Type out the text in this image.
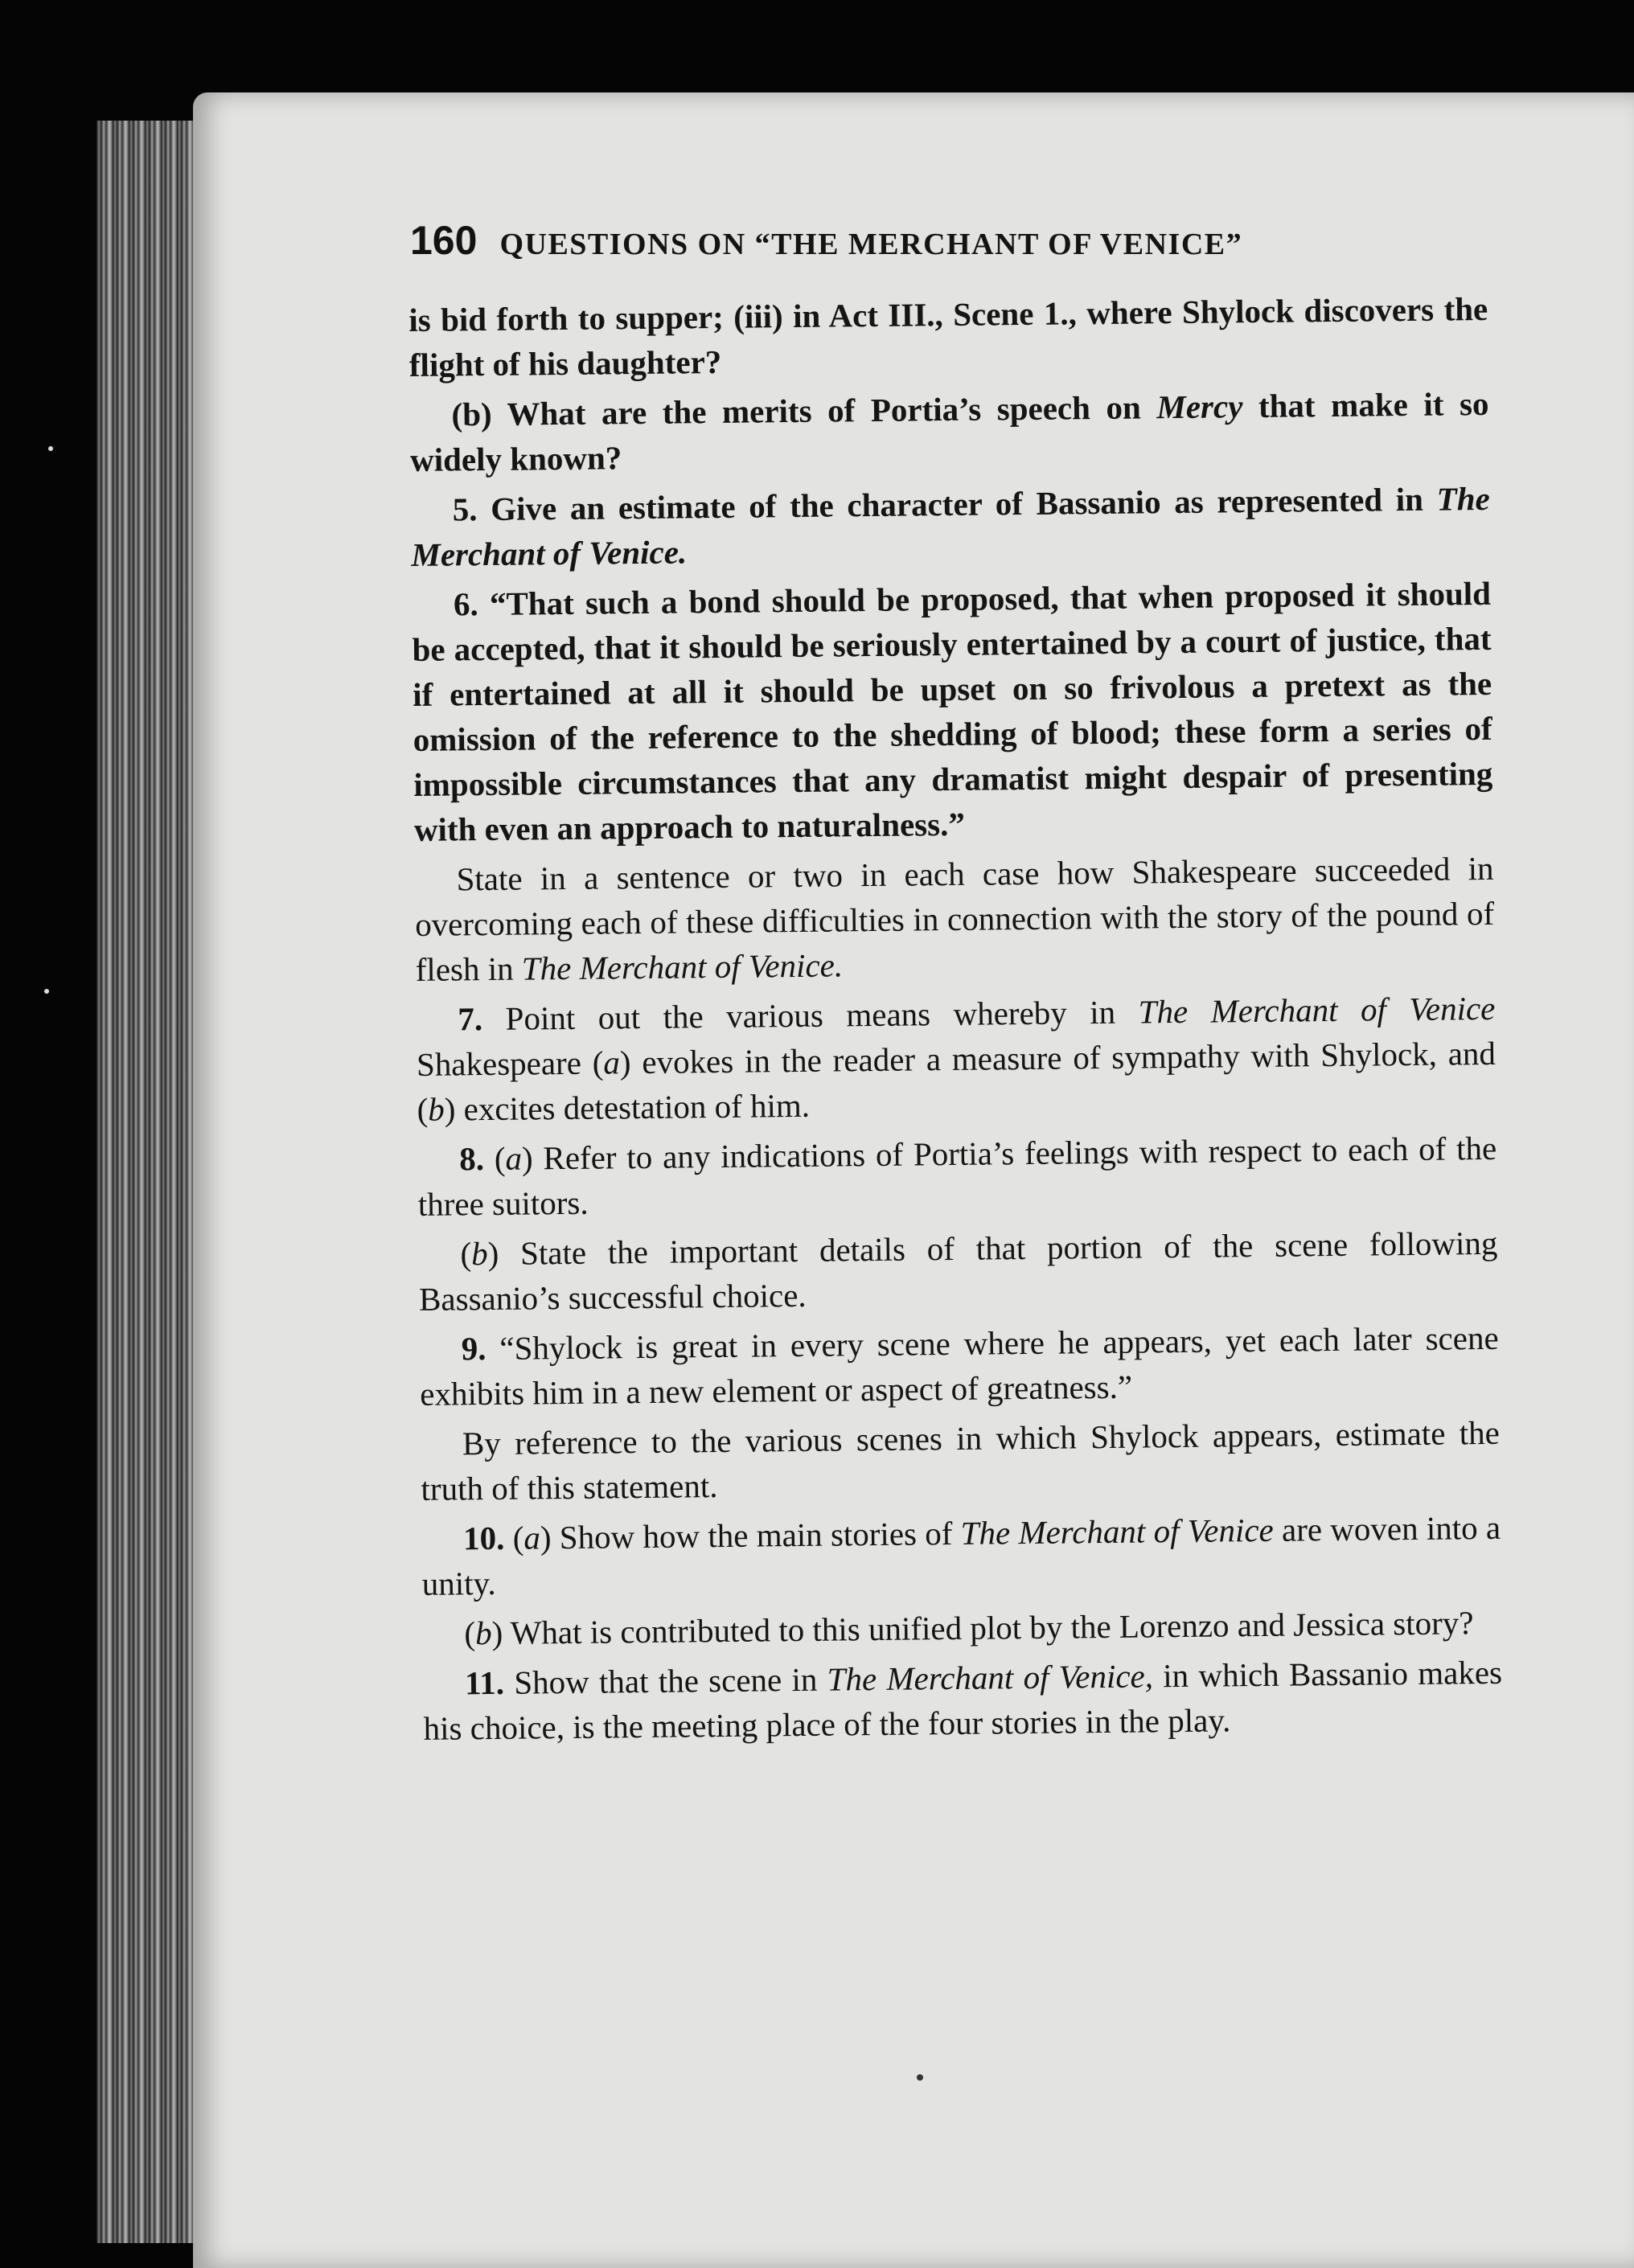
160 QUESTIONS ON “THE MERCHANT OF VENICE”

is bid forth to supper; (iii) in Act III., Scene 1., where Shylock discovers the flight of his daughter?

(b) What are the merits of Portia’s speech on Mercy that make it so widely known?

5. Give an estimate of the character of Bassanio as represented in The Merchant of Venice.

6. “That such a bond should be proposed, that when proposed it should be accepted, that it should be seriously entertained by a court of justice, that if entertained at all it should be upset on so frivolous a pretext as the omission of the reference to the shedding of blood; these form a series of impossible circumstances that any dramatist might despair of presenting with even an approach to naturalness.”

State in a sentence or two in each case how Shakespeare succeeded in overcoming each of these difficulties in connection with the story of the pound of flesh in The Merchant of Venice.

7. Point out the various means whereby in The Merchant of Venice Shakespeare (a) evokes in the reader a measure of sympathy with Shylock, and (b) excites detestation of him.

8. (a) Refer to any indications of Portia’s feelings with respect to each of the three suitors.

(b) State the important details of that portion of the scene following Bassanio’s successful choice.

9. “Shylock is great in every scene where he appears, yet each later scene exhibits him in a new element or aspect of greatness.”

By reference to the various scenes in which Shylock appears, estimate the truth of this statement.

10. (a) Show how the main stories of The Merchant of Venice are woven into a unity.

(b) What is contributed to this unified plot by the Lorenzo and Jessica story?

11. Show that the scene in The Merchant of Venice, in which Bassanio makes his choice, is the meeting place of the four stories in the play.
